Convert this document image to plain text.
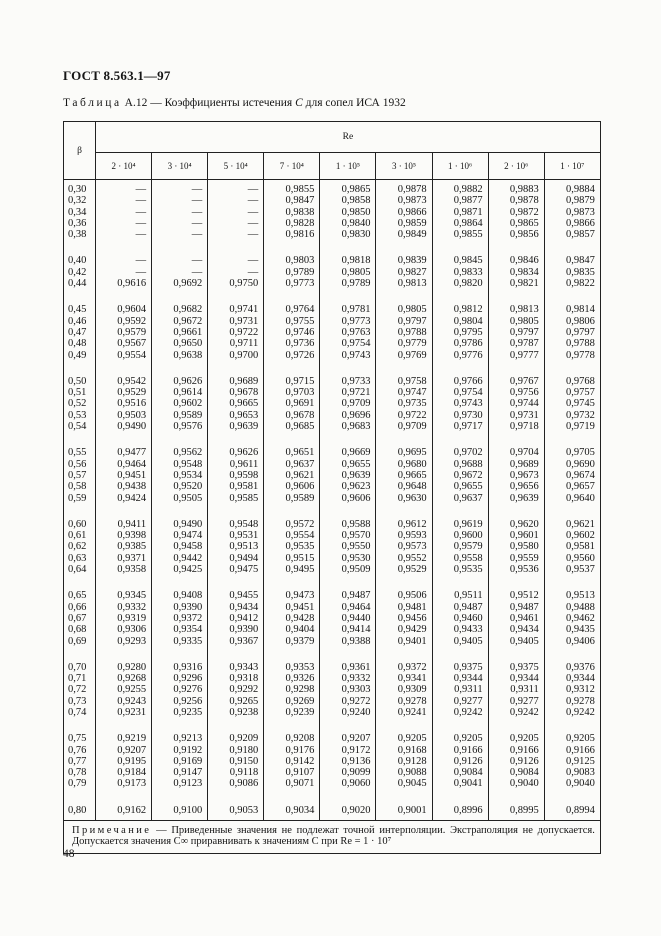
ГОСТ 8.563.1—97
Таблица А.12 — Коэффициенты истечения C для сопел ИСА 1932
β	Re								
	2 · 10⁴	3 · 10⁴	5 · 10⁴	7 · 10⁴	1 · 10⁵	3 · 10⁵	1 · 10⁶	2 · 10⁶	1 · 10⁷
0,30	—	—	—	0,9855	0,9865	0,9878	0,9882	0,9883	0,9884
0,32	—	—	—	0,9847	0,9858	0,9873	0,9877	0,9878	0,9879
0,34	—	—	—	0,9838	0,9850	0,9866	0,9871	0,9872	0,9873
0,36	—	—	—	0,9828	0,9840	0,9859	0,9864	0,9865	0,9866
0,38	—	—	—	0,9816	0,9830	0,9849	0,9855	0,9856	0,9857
0,40	—	—	—	0,9803	0,9818	0,9839	0,9845	0,9846	0,9847
0,42	—	—	—	0,9789	0,9805	0,9827	0,9833	0,9834	0,9835
0,44	0,9616	0,9692	0,9750	0,9773	0,9789	0,9813	0,9820	0,9821	0,9822
0,45	0,9604	0,9682	0,9741	0,9764	0,9781	0,9805	0,9812	0,9813	0,9814
0,46	0,9592	0,9672	0,9731	0,9755	0,9773	0,9797	0,9804	0,9805	0,9806
0,47	0,9579	0,9661	0,9722	0,9746	0,9763	0,9788	0,9795	0,9797	0,9797
0,48	0,9567	0,9650	0,9711	0,9736	0,9754	0,9779	0,9786	0,9787	0,9788
0,49	0,9554	0,9638	0,9700	0,9726	0,9743	0,9769	0,9776	0,9777	0,9778
0,50	0,9542	0,9626	0,9689	0,9715	0,9733	0,9758	0,9766	0,9767	0,9768
0,51	0,9529	0,9614	0,9678	0,9703	0,9721	0,9747	0,9754	0,9756	0,9757
0,52	0,9516	0,9602	0,9665	0,9691	0,9709	0,9735	0,9743	0,9744	0,9745
0,53	0,9503	0,9589	0,9653	0,9678	0,9696	0,9722	0,9730	0,9731	0,9732
0,54	0,9490	0,9576	0,9639	0,9685	0,9683	0,9709	0,9717	0,9718	0,9719
0,55	0,9477	0,9562	0,9626	0,9651	0,9669	0,9695	0,9702	0,9704	0,9705
0,56	0,9464	0,9548	0,9611	0,9637	0,9655	0,9680	0,9688	0,9689	0,9690
0,57	0,9451	0,9534	0,9598	0,9621	0,9639	0,9665	0,9672	0,9673	0,9674
0,58	0,9438	0,9520	0,9581	0,9606	0,9623	0,9648	0,9655	0,9656	0,9657
0,59	0,9424	0,9505	0,9585	0,9589	0,9606	0,9630	0,9637	0,9639	0,9640
0,60	0,9411	0,9490	0,9548	0,9572	0,9588	0,9612	0,9619	0,9620	0,9621
0,61	0,9398	0,9474	0,9531	0,9554	0,9570	0,9593	0,9600	0,9601	0,9602
0,62	0,9385	0,9458	0,9513	0,9535	0,9550	0,9573	0,9579	0,9580	0,9581
0,63	0,9371	0,9442	0,9494	0,9515	0,9530	0,9552	0,9558	0,9559	0,9560
0,64	0,9358	0,9425	0,9475	0,9495	0,9509	0,9529	0,9535	0,9536	0,9537
0,65	0,9345	0,9408	0,9455	0,9473	0,9487	0,9506	0,9511	0,9512	0,9513
0,66	0,9332	0,9390	0,9434	0,9451	0,9464	0,9481	0,9487	0,9487	0,9488
0,67	0,9319	0,9372	0,9412	0,9428	0,9440	0,9456	0,9460	0,9461	0,9462
0,68	0,9306	0,9354	0,9390	0,9404	0,9414	0,9429	0,9433	0,9434	0,9435
0,69	0,9293	0,9335	0,9367	0,9379	0,9388	0,9401	0,9405	0,9405	0,9406
0,70	0,9280	0,9316	0,9343	0,9353	0,9361	0,9372	0,9375	0,9375	0,9376
0,71	0,9268	0,9296	0,9318	0,9326	0,9332	0,9341	0,9344	0,9344	0,9344
0,72	0,9255	0,9276	0,9292	0,9298	0,9303	0,9309	0,9311	0,9311	0,9312
0,73	0,9243	0,9256	0,9265	0,9269	0,9272	0,9278	0,9277	0,9277	0,9278
0,74	0,9231	0,9235	0,9238	0,9239	0,9240	0,9241	0,9242	0,9242	0,9242
0,75	0,9219	0,9213	0,9209	0,9208	0,9207	0,9205	0,9205	0,9205	0,9205
0,76	0,9207	0,9192	0,9180	0,9176	0,9172	0,9168	0,9166	0,9166	0,9166
0,77	0,9195	0,9169	0,9150	0,9142	0,9136	0,9128	0,9126	0,9126	0,9125
0,78	0,9184	0,9147	0,9118	0,9107	0,9099	0,9088	0,9084	0,9084	0,9083
0,79	0,9173	0,9123	0,9086	0,9071	0,9060	0,9045	0,9041	0,9040	0,9040
0,80	0,9162	0,9100	0,9053	0,9034	0,9020	0,9001	0,8996	0,8995	0,8994
Примечание — Приведенные значения не подлежат точной интерполяции. Экстраполяция не допускается. Допускается значения C∞ приравнивать к значениям С при Re = 1 · 10⁷									
48
